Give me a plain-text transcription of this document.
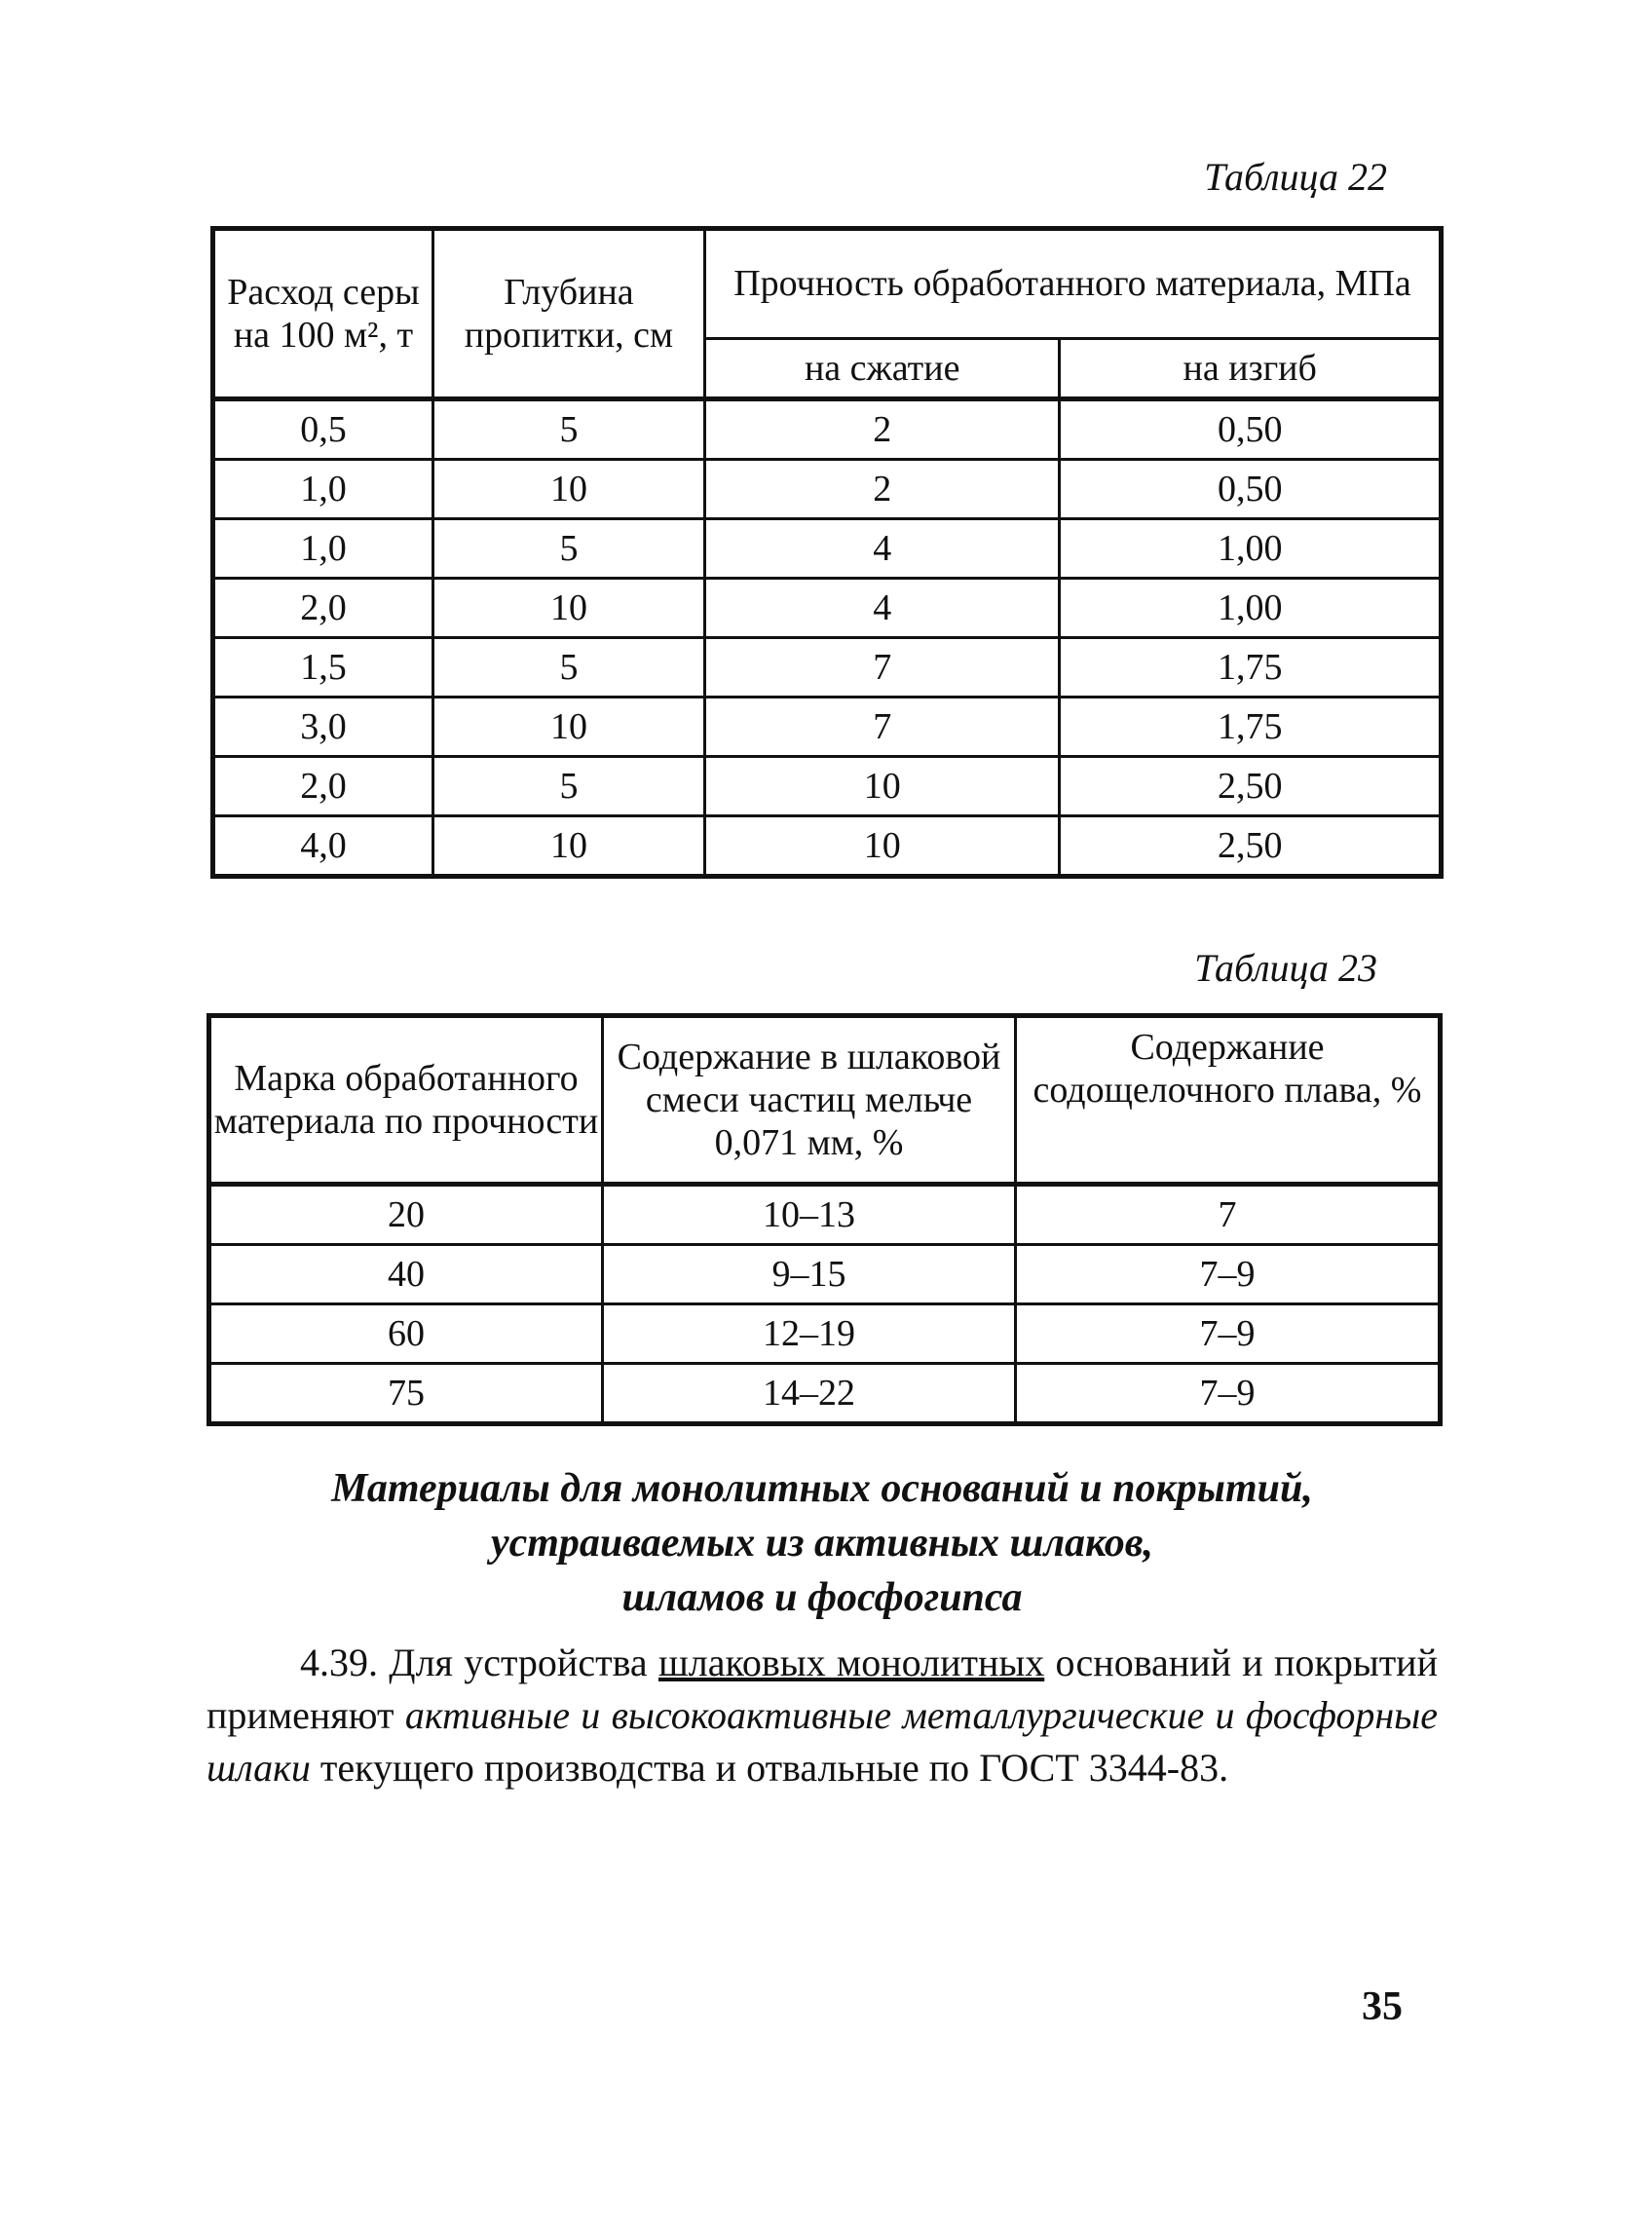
Таблица 22
Расход серы на 100 м², т	Глубина пропитки, см	Прочность обработанного материала, МПа	
		на сжатие	на изгиб
0,5	5	2	0,50
1,0	10	2	0,50
1,0	5	4	1,00
2,0	10	4	1,00
1,5	5	7	1,75
3,0	10	7	1,75
2,0	5	10	2,50
4,0	10	10	2,50
Таблица 23
Марка обработанного материала по прочности	Содержание в шлаковой смеси частиц мельче 0,071 мм, %	Содержание содощелочного плава, %
20	10–13	7
40	9–15	7–9
60	12–19	7–9
75	14–22	7–9
Материалы для монолитных оснований и покрытий,
устраиваемых из активных шлаков,
шламов и фосфогипса
4.39. Для устройства шлаковых монолитных оснований и покрытий применяют активные и высокоактивные металлургические и фосфорные шлаки текущего производства и отвальные по ГОСТ 3344-83.
35
